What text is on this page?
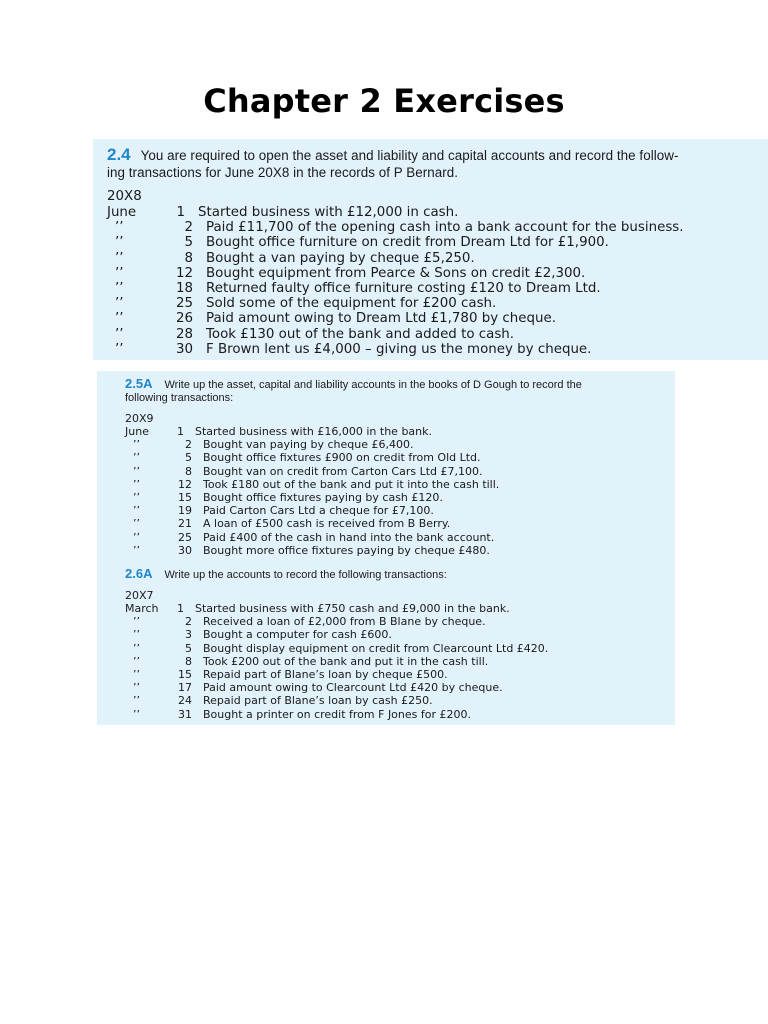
Chapter 2 Exercises
2.4 You are required to open the asset and liability and capital accounts and record the follow-
ing transactions for June 20X8 in the records of P Bernard.
20X8
June	1 Started business with £12,000 in cash.
’’	2 Paid £11,700 of the opening cash into a bank account for the business.
’’	5 Bought office furniture on credit from Dream Ltd for £1,900.
’’	8 Bought a van paying by cheque £5,250.
’’	12 Bought equipment from Pearce & Sons on credit £2,300.
’’	18 Returned faulty office furniture costing £120 to Dream Ltd.
’’	25 Sold some of the equipment for £200 cash.
’’	26 Paid amount owing to Dream Ltd £1,780 by cheque.
’’	28 Took £130 out of the bank and added to cash.
’’	30 F Brown lent us £4,000 – giving us the money by cheque.
2.5A Write up the asset, capital and liability accounts in the books of D Gough to record the
following transactions:
20X9
June	1	Started business with £16,000 in the bank.
’’	2	Bought van paying by cheque £6,400.
’’	5	Bought office fixtures £900 on credit from Old Ltd.
’’	8	Bought van on credit from Carton Cars Ltd £7,100.
’’	12	Took £180 out of the bank and put it into the cash till.
’’	15	Bought office fixtures paying by cash £120.
’’	19	Paid Carton Cars Ltd a cheque for £7,100.
’’	21	A loan of £500 cash is received from B Berry.
’’	25	Paid £400 of the cash in hand into the bank account.
’’	30	Bought more office fixtures paying by cheque £480.
2.6A Write up the accounts to record the following transactions:
20X7
March	1	Started business with £750 cash and £9,000 in the bank.
’’	2	Received a loan of £2,000 from B Blane by cheque.
’’	3	Bought a computer for cash £600.
’’	5	Bought display equipment on credit from Clearcount Ltd £420.
’’	8	Took £200 out of the bank and put it in the cash till.
’’	15	Repaid part of Blane’s loan by cheque £500.
’’	17	Paid amount owing to Clearcount Ltd £420 by cheque.
’’	24	Repaid part of Blane’s loan by cash £250.
’’	31	Bought a printer on credit from F Jones for £200.
